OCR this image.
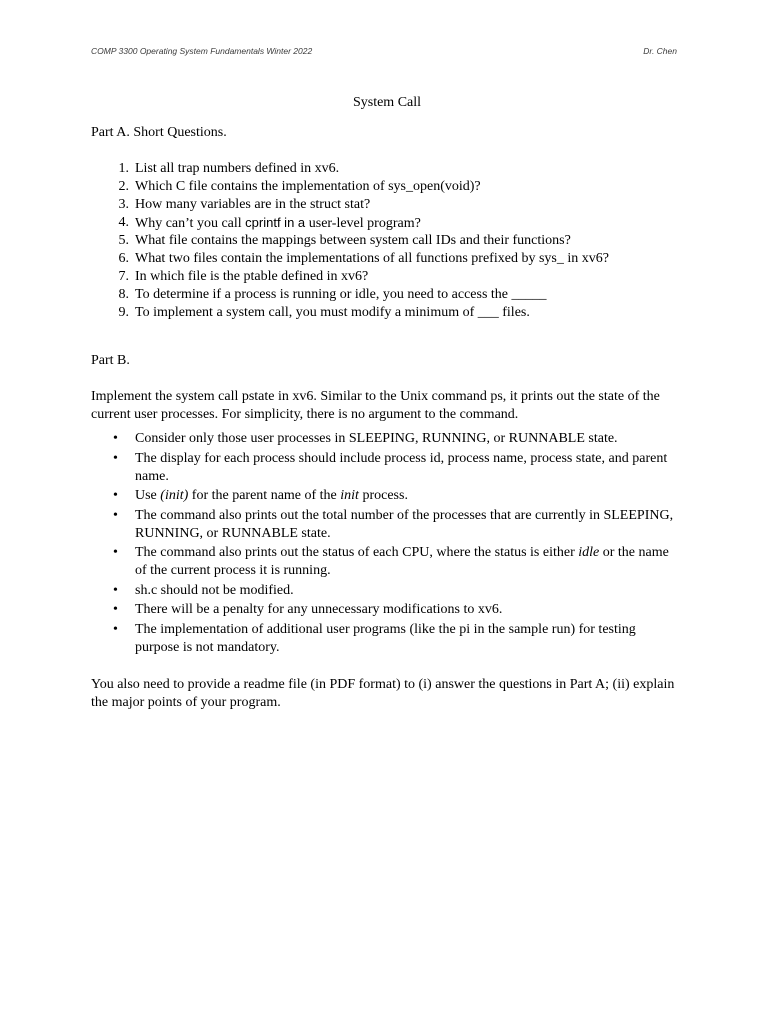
COMP 3300 Operating System Fundamentals Winter 2022	Dr. Chen
System Call
Part A. Short Questions.
1. List all trap numbers defined in xv6.
2. Which C file contains the implementation of sys_open(void)?
3. How many variables are in the struct stat?
4. Why can’t you call cprintf in a user-level program?
5. What file contains the mappings between system call IDs and their functions?
6. What two files contain the implementations of all functions prefixed by sys_ in xv6?
7. In which file is the ptable defined in xv6?
8. To determine if a process is running or idle, you need to access the _____
9. To implement a system call, you must modify a minimum of ___ files.
Part B.

Implement the system call pstate in xv6. Similar to the Unix command ps, it prints out the state of the current user processes. For simplicity, there is no argument to the command.

• Consider only those user processes in SLEEPING, RUNNING, or RUNNABLE state.
• The display for each process should include process id, process name, process state, and parent name.
• Use (init) for the parent name of the init process.
• The command also prints out the total number of the processes that are currently in SLEEPING, RUNNING, or RUNNABLE state.
• The command also prints out the status of each CPU, where the status is either idle or the name of the current process it is running.
• sh.c should not be modified.
• There will be a penalty for any unnecessary modifications to xv6.
• The implementation of additional user programs (like the pi in the sample run) for testing purpose is not mandatory.

You also need to provide a readme file (in PDF format) to (i) answer the questions in Part A; (ii) explain the major points of your program.
